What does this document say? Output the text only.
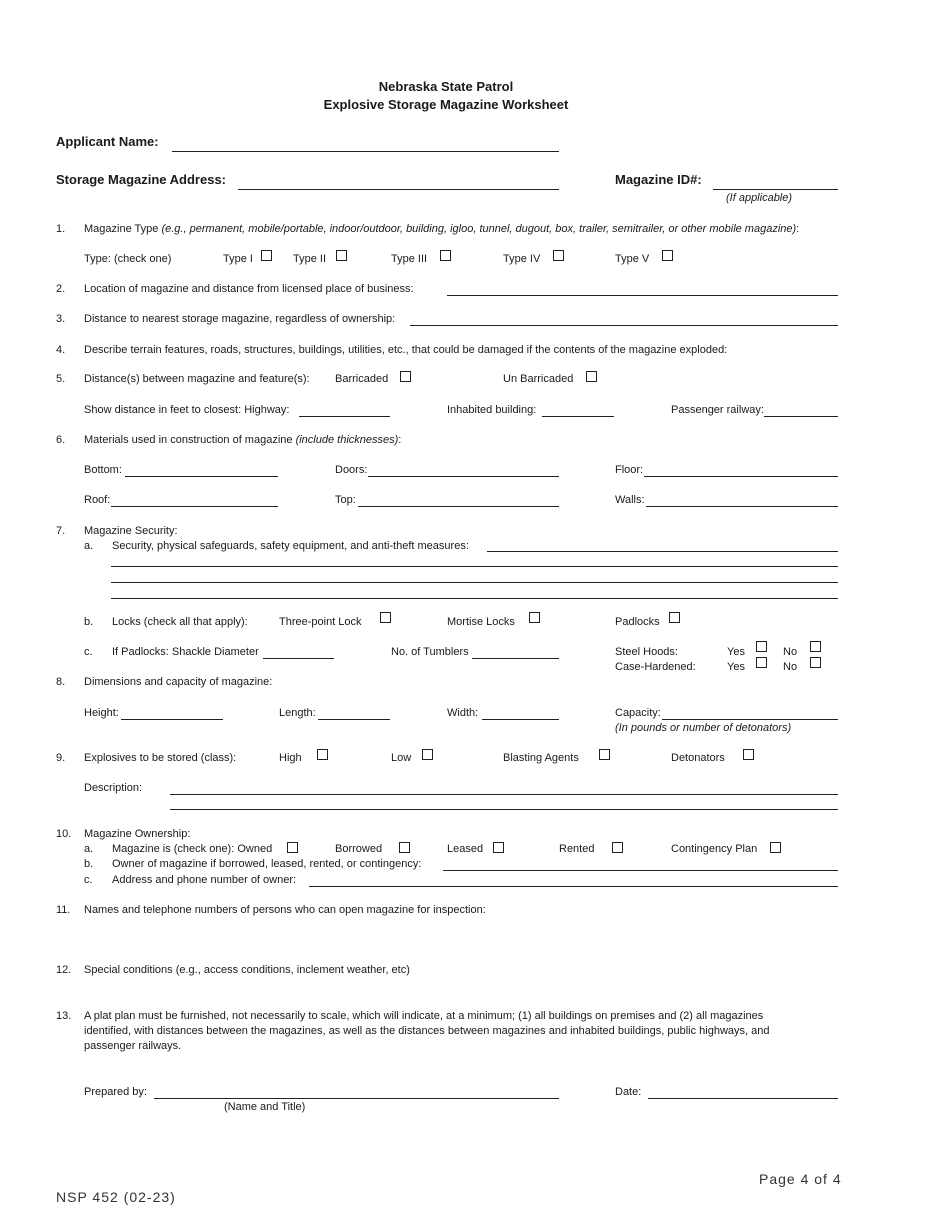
Nebraska State Patrol
Explosive Storage Magazine Worksheet
Applicant Name:
Storage Magazine Address:	Magazine ID#:
(If applicable)
1. Magazine Type (e.g., permanent, mobile/portable, indoor/outdoor, building, igloo, tunnel, dugout, box, trailer, semitrailer, or other mobile magazine):
Type: (check one)	Type I	Type II	Type III	Type IV	Type V
2. Location of magazine and distance from licensed place of business:
3. Distance to nearest storage magazine, regardless of ownership:
4. Describe terrain features, roads, structures, buildings, utilities, etc., that could be damaged if the contents of the magazine exploded:
5. Distance(s) between magazine and feature(s): Barricaded	Un Barricaded
Show distance in feet to closest: Highway:	Inhabited building:	Passenger railway:
6. Materials used in construction of magazine (include thicknesses):
Bottom:	Doors:	Floor:
Roof:	Top:	Walls:
7. Magazine Security:
a. Security, physical safeguards, safety equipment, and anti-theft measures:
b. Locks (check all that apply):	Three-point Lock	Mortise Locks	Padlocks
c. If Padlocks: Shackle Diameter	No. of Tumblers	Steel Hoods:	Yes	No
Case-Hardened:	Yes	No
8. Dimensions and capacity of magazine:
Height:	Length:	Width:	Capacity:
(In pounds or number of detonators)
9. Explosives to be stored (class):	High	Low	Blasting Agents	Detonators
Description:
10. Magazine Ownership:
a. Magazine is (check one): Owned	Borrowed	Leased	Rented	Contingency Plan
b. Owner of magazine if borrowed, leased, rented, or contingency:
c. Address and phone number of owner:
11. Names and telephone numbers of persons who can open magazine for inspection:
12. Special conditions (e.g., access conditions, inclement weather, etc)
13. A plat plan must be furnished, not necessarily to scale, which will indicate, at a minimum; (1) all buildings on premises and (2) all magazines
identified, with distances between the magazines, as well as the distances between magazines and inhabited buildings, public highways, and
passenger railways.
Prepared by:
(Name and Title)
Date:
Page 4 of 4
NSP 452 (02-23)
